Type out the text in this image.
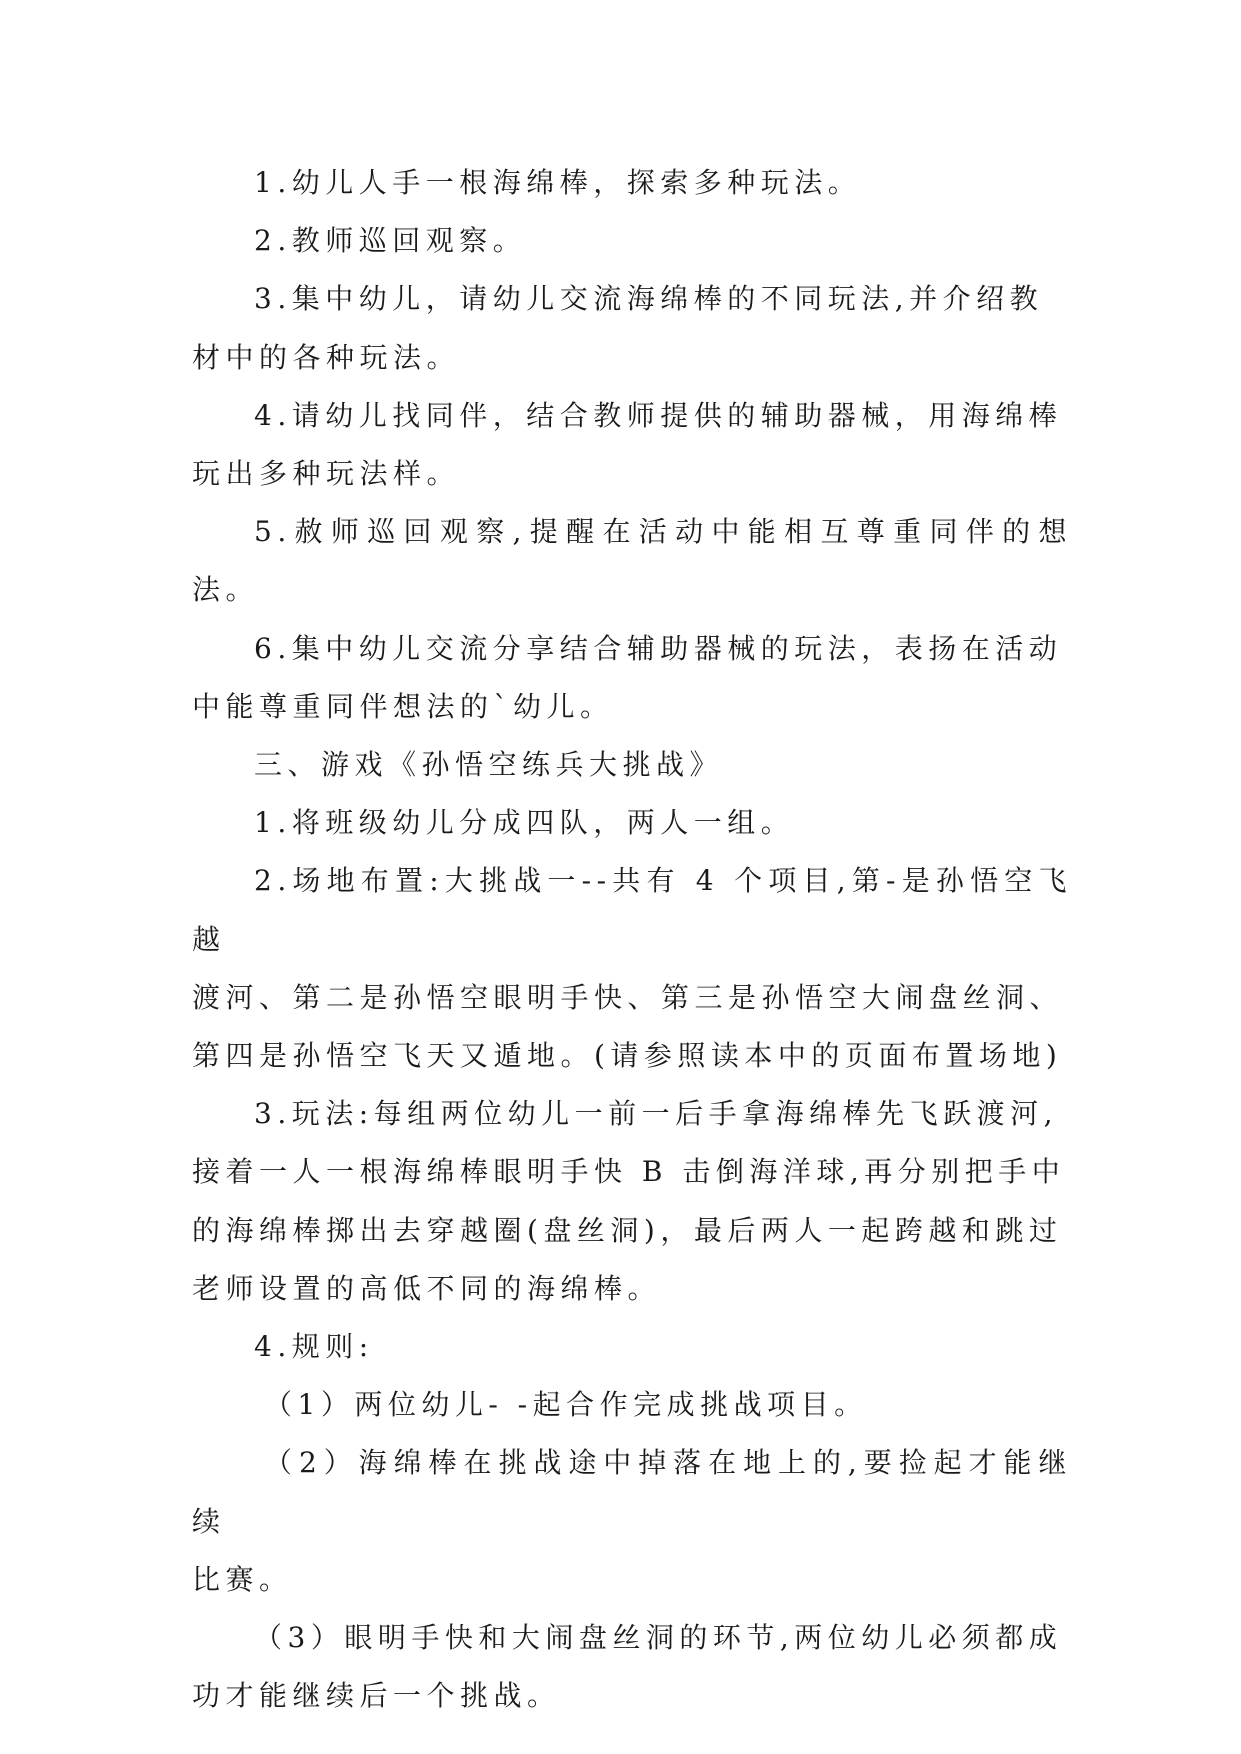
1.幼儿人手一根海绵棒，探索多种玩法。

2.教师巡回观察。

3.集中幼儿，请幼儿交流海绵棒的不同玩法,并介绍教
材中的各种玩法。

4.请幼儿找同伴，结合教师提供的辅助器械，用海绵棒
玩出多种玩法样。

5.赦师巡回观察,提醒在活动中能相互尊重同伴的想法。

6.集中幼儿交流分享结合辅助器械的玩法，表扬在活动
中能尊重同伴想法的`幼儿。

三、游戏《孙悟空练兵大挑战》

1.将班级幼儿分成四队，两人一组。

2.场地布置:大挑战一--共有 4 个项目,第-是孙悟空飞越
渡河、第二是孙悟空眼明手快、第三是孙悟空大闹盘丝洞、
第四是孙悟空飞天又遁地。(请参照读本中的页面布置场地)

3.玩法:每组两位幼儿一前一后手拿海绵棒先飞跃渡河,
接着一人一根海绵棒眼明手快 B 击倒海洋球,再分别把手中
的海绵棒掷出去穿越圈(盘丝洞)，最后两人一起跨越和跳过
老师设置的高低不同的海绵棒。

4.规则:

（1）两位幼儿- -起合作完成挑战项目。

（2）海绵棒在挑战途中掉落在地上的,要捡起才能继续
比赛。

（3）眼明手快和大闹盘丝洞的环节,两位幼儿必须都成
功才能继续后一个挑战。
